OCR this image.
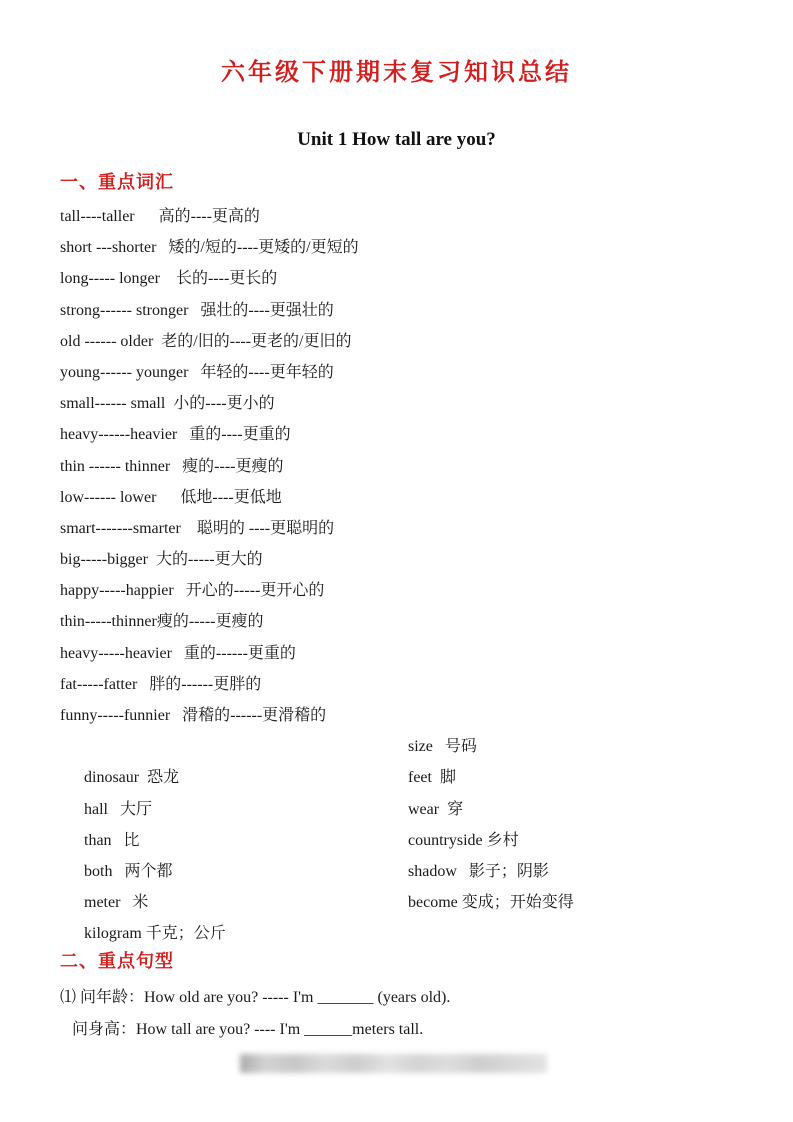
六年级下册期末复习知识总结
Unit 1 How tall are you?
一、重点词汇
tall----taller      高的----更高的
short ---shorter   矮的/短的----更矮的/更短的
long----- longer    长的----更长的
strong------ stronger   强壮的----更强壮的
old ------ older  老的/旧的----更老的/更旧的
young------ younger   年轻的----更年轻的
small------ small  小的----更小的
heavy------heavier   重的----更重的
thin ------ thinner   瘦的----更瘦的
low------ lower      低地----更低地
smart-------smarter    聪明的 ----更聪明的
big-----bigger  大的-----更大的
happy-----happier   开心的-----更开心的
thin-----thinner瘦的-----更瘦的
heavy-----heavier   重的------更重的
fat-----fatter   胖的------更胖的
funny-----funnier   滑稽的------更滑稽的

dinosaur  恐龙

size   号码

hall   大厅

feet  脚

than   比

wear  穿

both   两个都

countryside 乡村

meter   米

shadow   影子；阴影

kilogram 千克；公斤

become 变成；开始变得

二、重点句型
⑴ 问年龄：How old are you? ----- I'm _______ (years old).
问身高：How tall are you? ---- I'm ______meters tall.
